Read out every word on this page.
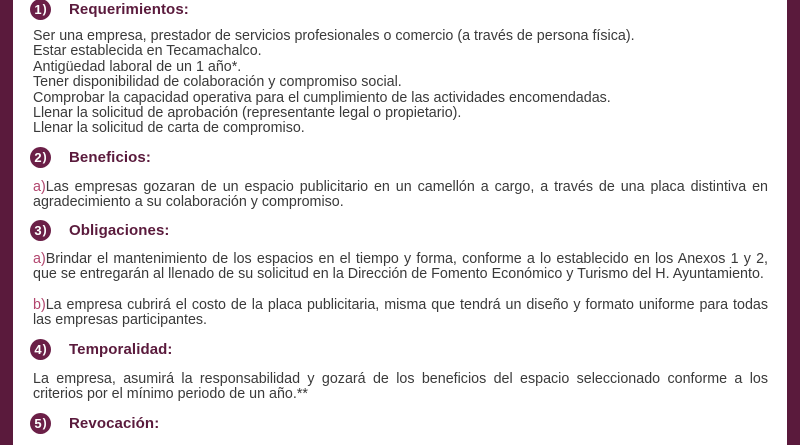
1 ) Requerimientos:
Ser una empresa, prestador de servicios profesionales o comercio (a través de persona física).
Estar establecida en Tecamachalco.
Antigüedad laboral de un 1 año*.
Tener disponibilidad de colaboración y compromiso social.
Comprobar la capacidad operativa para el cumplimiento de las actividades encomendadas.
Llenar la solicitud de aprobación (representante legal o propietario).
Llenar la solicitud de carta de compromiso.
2 ) Beneficios:
a)Las empresas gozaran de un espacio publicitario en un camellón a cargo, a través de una placa distintiva en agradecimiento a su colaboración y compromiso.
3 ) Obligaciones:
a)Brindar el mantenimiento de los espacios en el tiempo y forma, conforme a lo establecido en los Anexos 1 y 2, que se entregarán al llenado de su solicitud en la Dirección de Fomento Económico y Turismo del H. Ayuntamiento.
b)La empresa cubrirá el costo de la placa publicitaria, misma que tendrá un diseño y formato uniforme para todas las empresas participantes.
4 ) Temporalidad:
La empresa, asumirá la responsabilidad y gozará de los beneficios del espacio seleccionado conforme a los criterios por el mínimo periodo de un año.**
5 ) Revocación:
